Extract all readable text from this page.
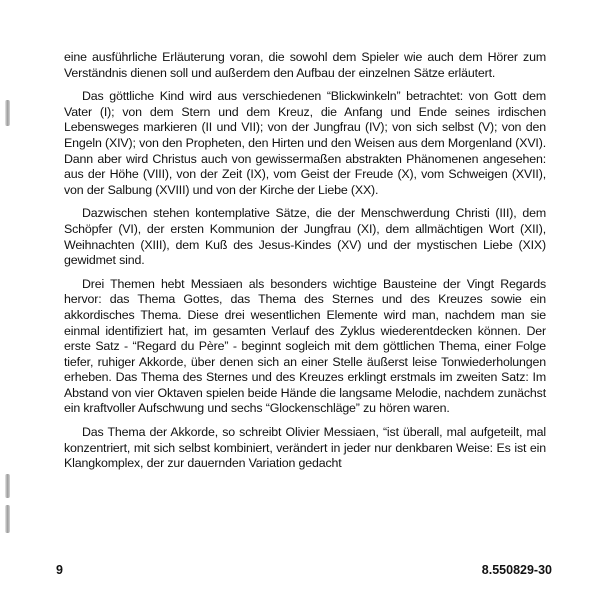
eine ausführliche Erläuterung voran, die sowohl dem Spieler wie auch dem Hörer zum Verständnis dienen soll und außerdem den Aufbau der einzelnen Sätze erläutert.

Das göttliche Kind wird aus verschiedenen “Blickwinkeln” betrachtet: von Gott dem Vater (I); von dem Stern und dem Kreuz, die Anfang und Ende seines irdischen Lebensweges markieren (II und VII); von der Jungfrau (IV); von sich selbst (V); von den Engeln (XIV); von den Propheten, den Hirten und den Weisen aus dem Morgenland (XVI). Dann aber wird Christus auch von gewissermaßen abstrakten Phänomenen angesehen: aus der Höhe (VIII), von der Zeit (IX), vom Geist der Freude (X), vom Schweigen (XVII), von der Salbung (XVIII) und von der Kirche der Liebe (XX).

Dazwischen stehen kontemplative Sätze, die der Menschwerdung Christi (III), dem Schöpfer (VI), der ersten Kommunion der Jungfrau (XI), dem allmächtigen Wort (XII), Weihnachten (XIII), dem Kuß des Jesus-Kindes (XV) und der mystischen Liebe (XIX) gewidmet sind.

Drei Themen hebt Messiaen als besonders wichtige Bausteine der Vingt Regards hervor: das Thema Gottes, das Thema des Sternes und des Kreuzes sowie ein akkordisches Thema. Diese drei wesentlichen Elemente wird man, nachdem man sie einmal identifiziert hat, im gesamten Verlauf des Zyklus wiederentdecken können. Der erste Satz - “Regard du Père” - beginnt sogleich mit dem göttlichen Thema, einer Folge tiefer, ruhiger Akkorde, über denen sich an einer Stelle äußerst leise Tonwiederholungen erheben. Das Thema des Sternes und des Kreuzes erklingt erstmals im zweiten Satz: Im Abstand von vier Oktaven spielen beide Hände die langsame Melodie, nachdem zunächst ein kraftvoller Aufschwung und sechs “Glockenschläge” zu hören waren.

Das Thema der Akkorde, so schreibt Olivier Messiaen, “ist überall, mal aufgeteilt, mal konzentriert, mit sich selbst kombiniert, verändert in jeder nur denkbaren Weise: Es ist ein Klangkomplex, der zur dauernden Variation gedacht

9	8.550829-30
